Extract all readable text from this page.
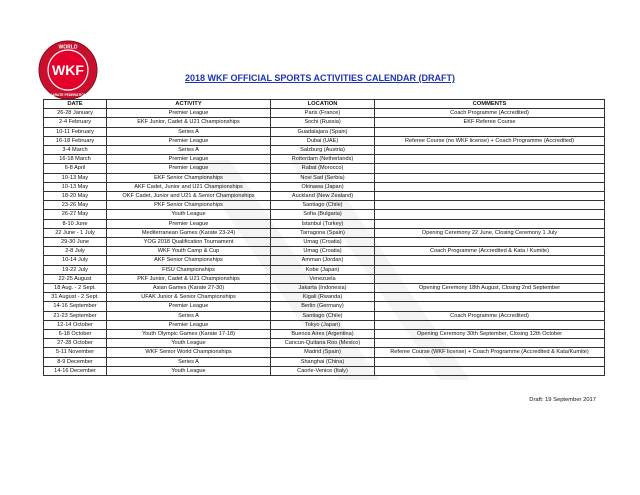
WKF
WORLD
KARATE FEDERATION
2018 WKF OFFICIAL SPORTS ACTIVITIES CALENDAR (DRAFT)
DATE	ACTIVITY	LOCATION	COMMENTS
26-28 January	Premier League	Paris (France)	Coach Programme (Accredited)
2-4 February	EKF Junior, Cadet & U21 Championships	Sochi (Russia)	EKF Referee Course
10-11 February	Series A	Guadalajara (Spain)	
16-18 February	Premier League	Dubai (UAE)	Referee Course (no WKF license) + Coach Programme (Accredited)
3-4 March	Series A	Salzburg (Austria)	
16-18 March	Premier League	Rotterdam (Netherlands)	
6-8 April	Premier League	Rabat (Morocco)	
10-13 May	EKF Senior Championships	Novi Sad (Serbia)	
10-13 May	AKF Cadet, Junior and U21 Championships	Okinawa (Japan)	
18-20 May	OKF Cadet, Junior and U21 & Senior Championships	Auckland (New Zealand)	
23-26 May	PKF Senior Championships	Santiago (Chile)	
26-27 May	Youth League	Sofia (Bulgaria)	
8-10 June	Premier League	Istanbul (Turkey)	
22 June - 1 July	Mediterranean Games (Karate 23-24)	Tarragona (Spain)	Opening Ceremony 22 June, Closing Ceremony 1 July
29-30 June	YOG 2018 Qualification Tournament	Umag (Croatia)	
2-8 July	WKF Youth Camp & Cup	Umag (Croatia)	Coach Programme (Accredited & Kata / Kumite)
10-14 July	AKF Senior Championships	Amman (Jordan)	
19-22 July	FISU Championships	Kobe (Japan)	
22-25 August	PKF Junior, Cadet & U21 Championships	Venezuela	
18 Aug. - 2 Sept.	Asian Games (Karate 27-30)	Jakarta (Indonesia)	Opening Ceremony 18th August, Closing 2nd September
31 August - 2 Sept.	UFAK Junior & Senior Championships	Kigali (Rwanda)	
14-16 September	Premier League	Berlin (Germany)	
21-23 September	Series A	Santiago (Chile)	Coach Programme (Accredited)
12-14 October	Premier League	Tokyo (Japan)	
6-18 October	Youth Olympic Games (Karate 17-18)	Buenos Aires (Argentina)	Opening Ceremony 30th September, Closing 12th October
27-28 October	Youth League	Cancun-Quitana Roo (Mexico)	
5-11 November	WKF Senior World Championships	Madrid (Spain)	Referee Course (WKF license) + Coach Programme (Accredited & Kata/Kumite)
8-9 December	Series A	Shanghai (China)	
14-16 December	Youth League	Caorle-Venice (Italy)	
Draft: 19 September 2017
